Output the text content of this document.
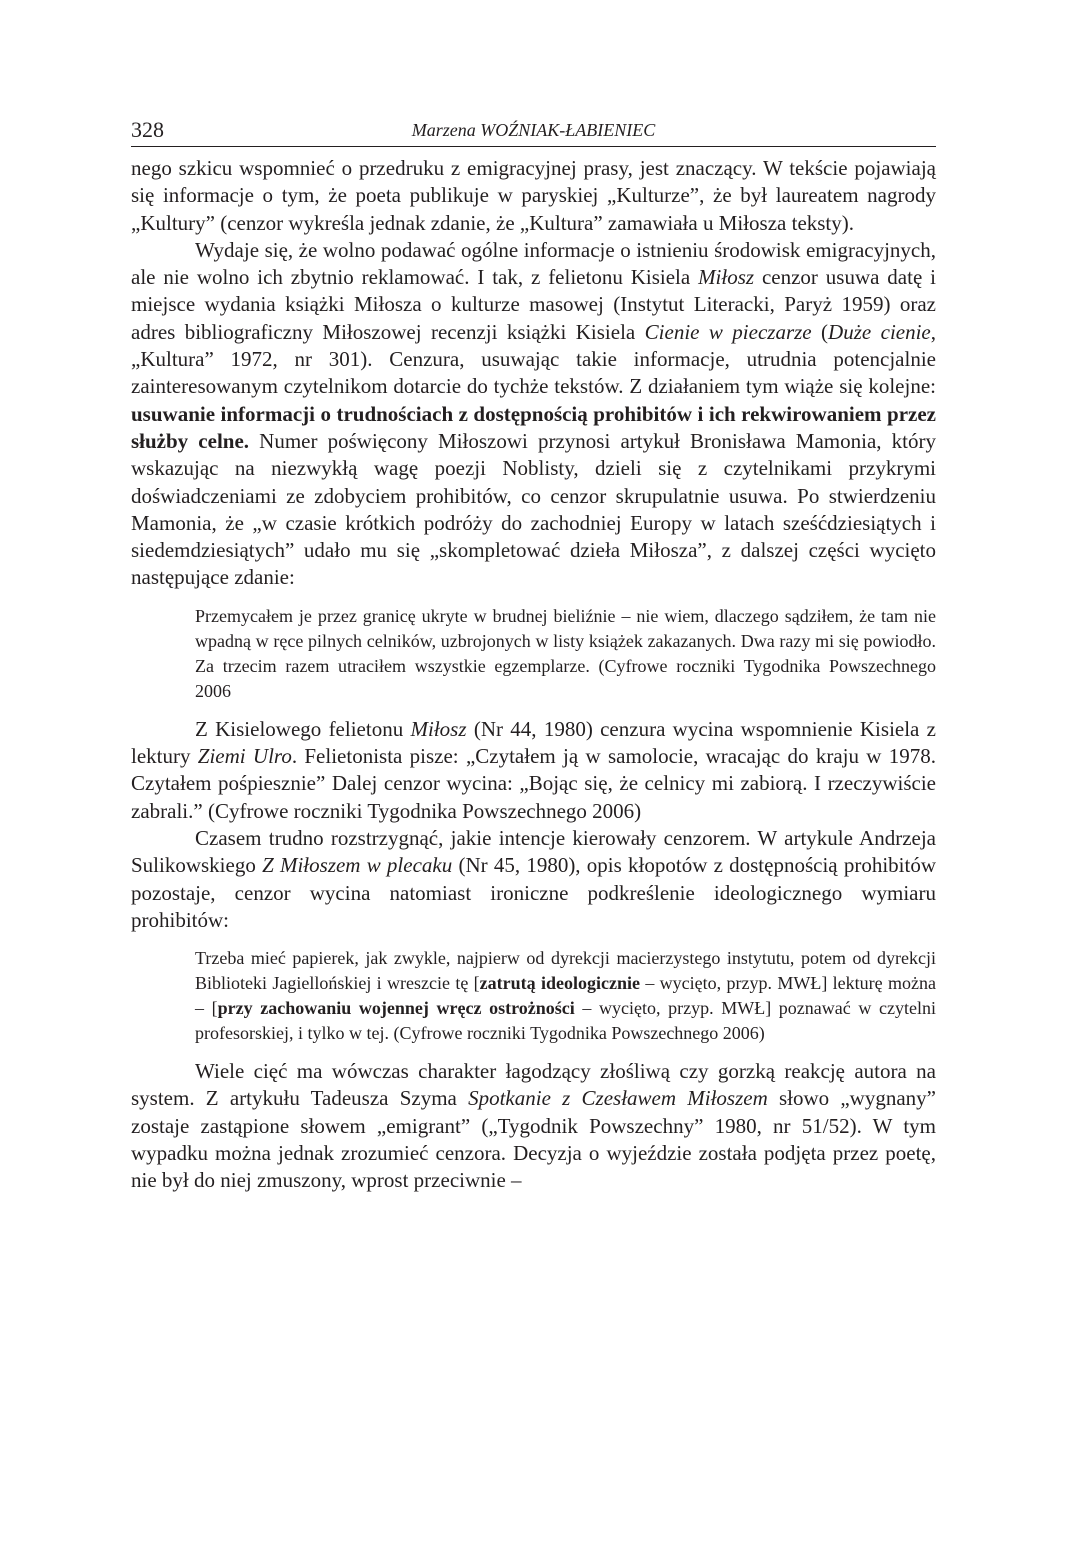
328	Marzena WOŹNIAK-ŁABIENIEC

nego szkicu wspomnieć o przedruku z emigracyjnej prasy, jest znaczący. W tekście pojawiają się informacje o tym, że poeta publikuje w paryskiej „Kulturze”, że był laureatem nagrody „Kultury” (cenzor wykreśla jednak zdanie, że „Kultura” zamawiała u Miłosza teksty).

Wydaje się, że wolno podawać ogólne informacje o istnieniu środowisk emigracyjnych, ale nie wolno ich zbytnio reklamować. I tak, z felietonu Kisiela Miłosz cenzor usuwa datę i miejsce wydania książki Miłosza o kulturze masowej (Instytut Literacki, Paryż 1959) oraz adres bibliograficzny Miłoszowej recenzji książki Kisiela Cienie w pieczarze (Duże cienie, „Kultura” 1972, nr 301). Cenzura, usuwając takie informacje, utrudnia potencjalnie zainteresowanym czytelnikom dotarcie do tychże tekstów. Z działaniem tym wiąże się kolejne: usuwanie informacji o trudnościach z dostępnością prohibitów i ich rekwirowaniem przez służby celne. Numer poświęcony Miłoszowi przynosi artykuł Bronisława Mamonia, który wskazując na niezwykłą wagę poezji Noblisty, dzieli się z czytelnikami przykrymi doświadczeniami ze zdobyciem prohibitów, co cenzor skrupulatnie usuwa. Po stwierdzeniu Mamonia, że „w czasie krótkich podróży do zachodniej Europy w latach sześćdziesiątych i siedemdziesiątych” udało mu się „skompletować dzieła Miłosza”, z dalszej części wycięto następujące zdanie:

Przemycałem je przez granicę ukryte w brudnej bieliźnie – nie wiem, dlaczego sądziłem, że tam nie wpadną w ręce pilnych celników, uzbrojonych w listy książek zakazanych. Dwa razy mi się powiodło. Za trzecim razem utraciłem wszystkie egzemplarze. (Cyfrowe roczniki Tygodnika Powszechnego 2006

Z Kisielowego felietonu Miłosz (Nr 44, 1980) cenzura wycina wspomnienie Kisiela z lektury Ziemi Ulro. Felietonista pisze: „Czytałem ją w samolocie, wracając do kraju w 1978. Czytałem pośpiesznie” Dalej cenzor wycina: „Bojąc się, że celnicy mi zabiorą. I rzeczywiście zabrali.” (Cyfrowe roczniki Tygodnika Powszechnego 2006)

Czasem trudno rozstrzygnąć, jakie intencje kierowały cenzorem. W artykule Andrzeja Sulikowskiego Z Miłoszem w plecaku (Nr 45, 1980), opis kłopotów z dostępnością prohibitów pozostaje, cenzor wycina natomiast ironiczne podkreślenie ideologicznego wymiaru prohibitów:

Trzeba mieć papierek, jak zwykle, najpierw od dyrekcji macierzystego instytutu, potem od dyrekcji Biblioteki Jagiellońskiej i wreszcie tę [zatrutą ideologicznie – wycięto, przyp. MWŁ] lekturę można – [przy zachowaniu wojennej wręcz ostrożności – wycięto, przyp. MWŁ] poznawać w czytelni profesorskiej, i tylko w tej. (Cyfrowe roczniki Tygodnika Powszechnego 2006)

Wiele cięć ma wówczas charakter łagodzący złośliwą czy gorzką reakcję autora na system. Z artykułu Tadeusza Szyma Spotkanie z Czesławem Miłoszem słowo „wygnany” zostaje zastąpione słowem „emigrant” („Tygodnik Powszechny” 1980, nr 51/52). W tym wypadku można jednak zrozumieć cenzora. Decyzja o wyjeździe została podjęta przez poetę, nie był do niej zmuszony, wprost przeciwnie –
